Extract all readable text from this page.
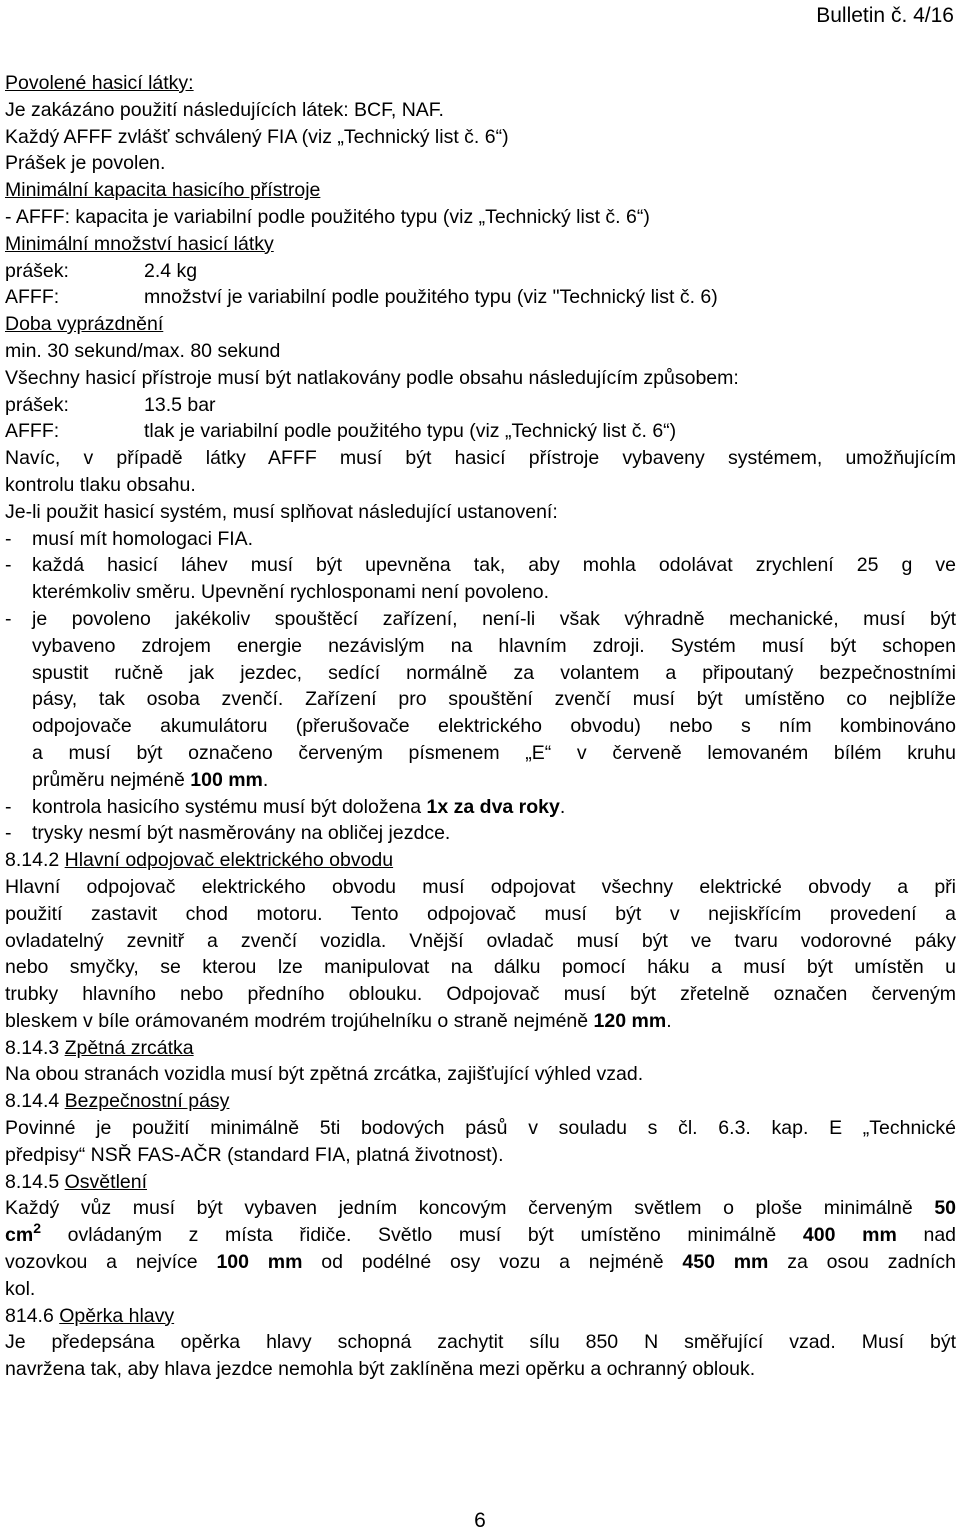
Bulletin č. 4/16
Povolené hasicí látky:
Je zakázáno použití následujících látek: BCF, NAF.
Každý AFFF zvlášť schválený FIA (viz „Technický list č. 6“)
Prášek je povolen.
Minimální kapacita hasicího přístroje
- AFFF: kapacita je variabilní podle použitého typu (viz „Technický list č. 6“)
Minimální množství hasicí látky
prášek:	2.4 kg
AFFF:	množství je variabilní podle použitého typu (viz "Technický list č. 6)
Doba vyprázdnění
min. 30 sekund/max. 80 sekund
Všechny hasicí přístroje musí být natlakovány podle obsahu následujícím způsobem:
prášek:	13.5 bar
AFFF:	tlak je variabilní podle použitého typu (viz „Technický list č. 6“)
Navíc, v případě látky AFFF musí být hasicí přístroje vybaveny systémem, umožňujícím
kontrolu tlaku obsahu.
Je-li použit hasicí systém, musí splňovat následující ustanovení:
- musí mít homologaci FIA.
- každá hasicí láhev musí být upevněna tak, aby mohla odolávat zrychlení 25 g ve
kterémkoliv směru. Upevnění rychlosponami není povoleno.
- je povoleno jakékoliv spouštěcí zařízení, není-li však výhradně mechanické, musí být
vybaveno zdrojem energie nezávislým na hlavním zdroji. Systém musí být schopen
spustit ručně jak jezdec, sedící normálně za volantem a připoutaný bezpečnostními
pásy, tak osoba zvenčí. Zařízení pro spouštění zvenčí musí být umístěno co nejblíže
odpojovače akumulátoru (přerušovače elektrického obvodu) nebo s ním kombinováno
a musí být označeno červeným písmenem „E“ v červeně lemovaném bílém kruhu
průměru nejméně 100 mm.
- kontrola hasicího systému musí být doložena 1x za dva roky.
- trysky nesmí být nasměrovány na obličej jezdce.
8.14.2 Hlavní odpojovač elektrického obvodu
Hlavní odpojovač elektrického obvodu musí odpojovat všechny elektrické obvody a při
použití zastavit chod motoru. Tento odpojovač musí být v nejiskřícím provedení a
ovladatelný zevnitř a zvenčí vozidla. Vnější ovladač musí být ve tvaru vodorovné páky
nebo smyčky, se kterou lze manipulovat na dálku pomocí háku a musí být umístěn u
trubky hlavního nebo předního oblouku. Odpojovač musí být zřetelně označen červeným
bleskem v bíle orámovaném modrém trojúhelníku o straně nejméně 120 mm.
8.14.3 Zpětná zrcátka
Na obou stranách vozidla musí být zpětná zrcátka, zajišťující výhled vzad.
8.14.4 Bezpečnostní pásy
Povinné je použití minimálně 5ti bodových pásů v souladu s čl. 6.3. kap. E „Technické
předpisy“ NSŘ FAS-AČR (standard FIA, platná životnost).
8.14.5 Osvětlení
Každý vůz musí být vybaven jedním koncovým červeným světlem o ploše minimálně 50
$cm^2$ ovládaným z místa řidiče. Světlo musí být umístěno minimálně 400 mm nad
vozovkou a nejvíce 100 mm od podélné osy vozu a nejméně 450 mm za osou zadních
kol.
814.6 Opěrka hlavy
Je předepsána opěrka hlavy schopná zachytit sílu 850 N směřující vzad. Musí být
navržena tak, aby hlava jezdce nemohla být zaklíněna mezi opěrku a ochranný oblouk.
6
